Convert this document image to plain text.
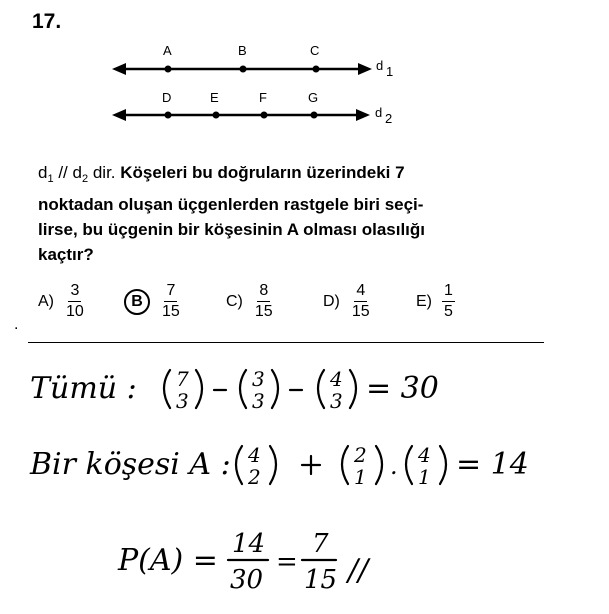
17.
A	B	C
D	E	F	G
d 1
d 2
$d_1 // d_2$ dir. Köşeleri bu doğruların üzerindeki 7
noktadan oluşan üçgenlerden rastgele biri seçi-
lirse, bu üçgenin bir köşesinin A olması olasılığı
kaçtır?
.
$A) \frac{3}{10}$	B	$\frac{7}{15}$	$C) \frac{8}{15}$	$D) \frac{4}{15}$	$E) \frac{1}{5}$
Tümü : 7
3
3
3
4
3 = 30
Bir köşesi A : 4
2
2
1 . 4
1 = 14
P(A) = 14
30
=
7
15 //
